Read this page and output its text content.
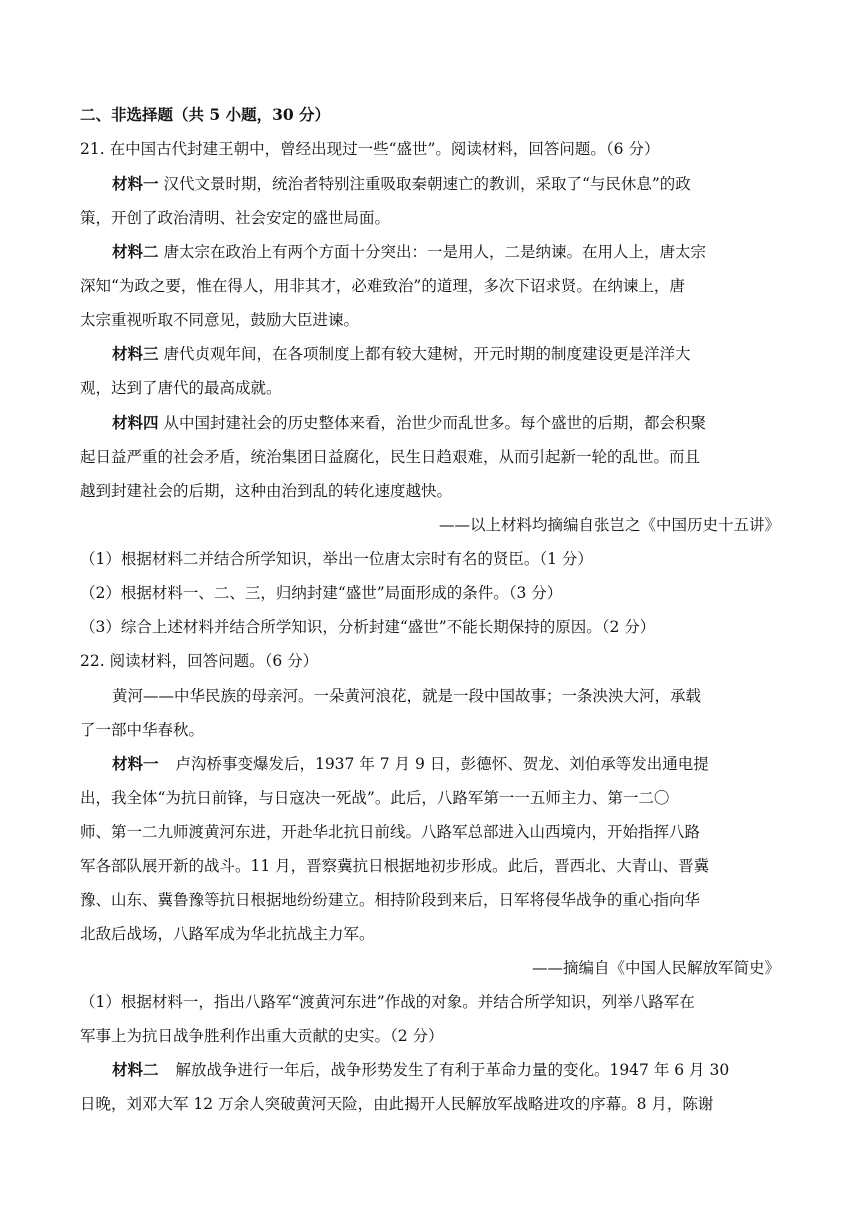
二、非选择题（共 5 小题，30 分）
21. 在中国古代封建王朝中，曾经出现过一些“盛世”。阅读材料，回答问题。（6 分）
材料一 汉代文景时期，统治者特别注重吸取秦朝速亡的教训，采取了“与民休息”的政
策，开创了政治清明、社会安定的盛世局面。
材料二 唐太宗在政治上有两个方面十分突出：一是用人，二是纳谏。在用人上，唐太宗
深知“为政之要，惟在得人，用非其才，必难致治”的道理，多次下诏求贤。在纳谏上，唐
太宗重视听取不同意见，鼓励大臣进谏。
材料三 唐代贞观年间，在各项制度上都有较大建树，开元时期的制度建设更是洋洋大
观，达到了唐代的最高成就。
材料四 从中国封建社会的历史整体来看，治世少而乱世多。每个盛世的后期，都会积聚
起日益严重的社会矛盾，统治集团日益腐化，民生日趋艰难，从而引起新一轮的乱世。而且
越到封建社会的后期，这种由治到乱的转化速度越快。
——以上材料均摘编自张岂之《中国历史十五讲》
（1）根据材料二并结合所学知识，举出一位唐太宗时有名的贤臣。（1 分）
（2）根据材料一、二、三，归纳封建“盛世”局面形成的条件。（3 分）
（3）综合上述材料并结合所学知识，分析封建“盛世”不能长期保持的原因。（2 分）
22. 阅读材料，回答问题。（6 分）
黄河——中华民族的母亲河。一朵黄河浪花，就是一段中国故事；一条泱泱大河，承载
了一部中华春秋。
材料一 卢沟桥事变爆发后，1937 年 7 月 9 日，彭德怀、贺龙、刘伯承等发出通电提
出，我全体“为抗日前锋，与日寇决一死战”。此后，八路军第一一五师主力、第一二〇
师、第一二九师渡黄河东进，开赴华北抗日前线。八路军总部进入山西境内，开始指挥八路
军各部队展开新的战斗。11 月，晋察冀抗日根据地初步形成。此后，晋西北、大青山、晋冀
豫、山东、冀鲁豫等抗日根据地纷纷建立。相持阶段到来后，日军将侵华战争的重心指向华
北敌后战场，八路军成为华北抗战主力军。
——摘编自《中国人民解放军简史》
（1）根据材料一，指出八路军“渡黄河东进”作战的对象。并结合所学知识，列举八路军在
军事上为抗日战争胜利作出重大贡献的史实。（2 分）
材料二 解放战争进行一年后，战争形势发生了有利于革命力量的变化。1947 年 6 月 30
日晚，刘邓大军 12 万余人突破黄河天险，由此揭开人民解放军战略进攻的序幕。8 月，陈谢
